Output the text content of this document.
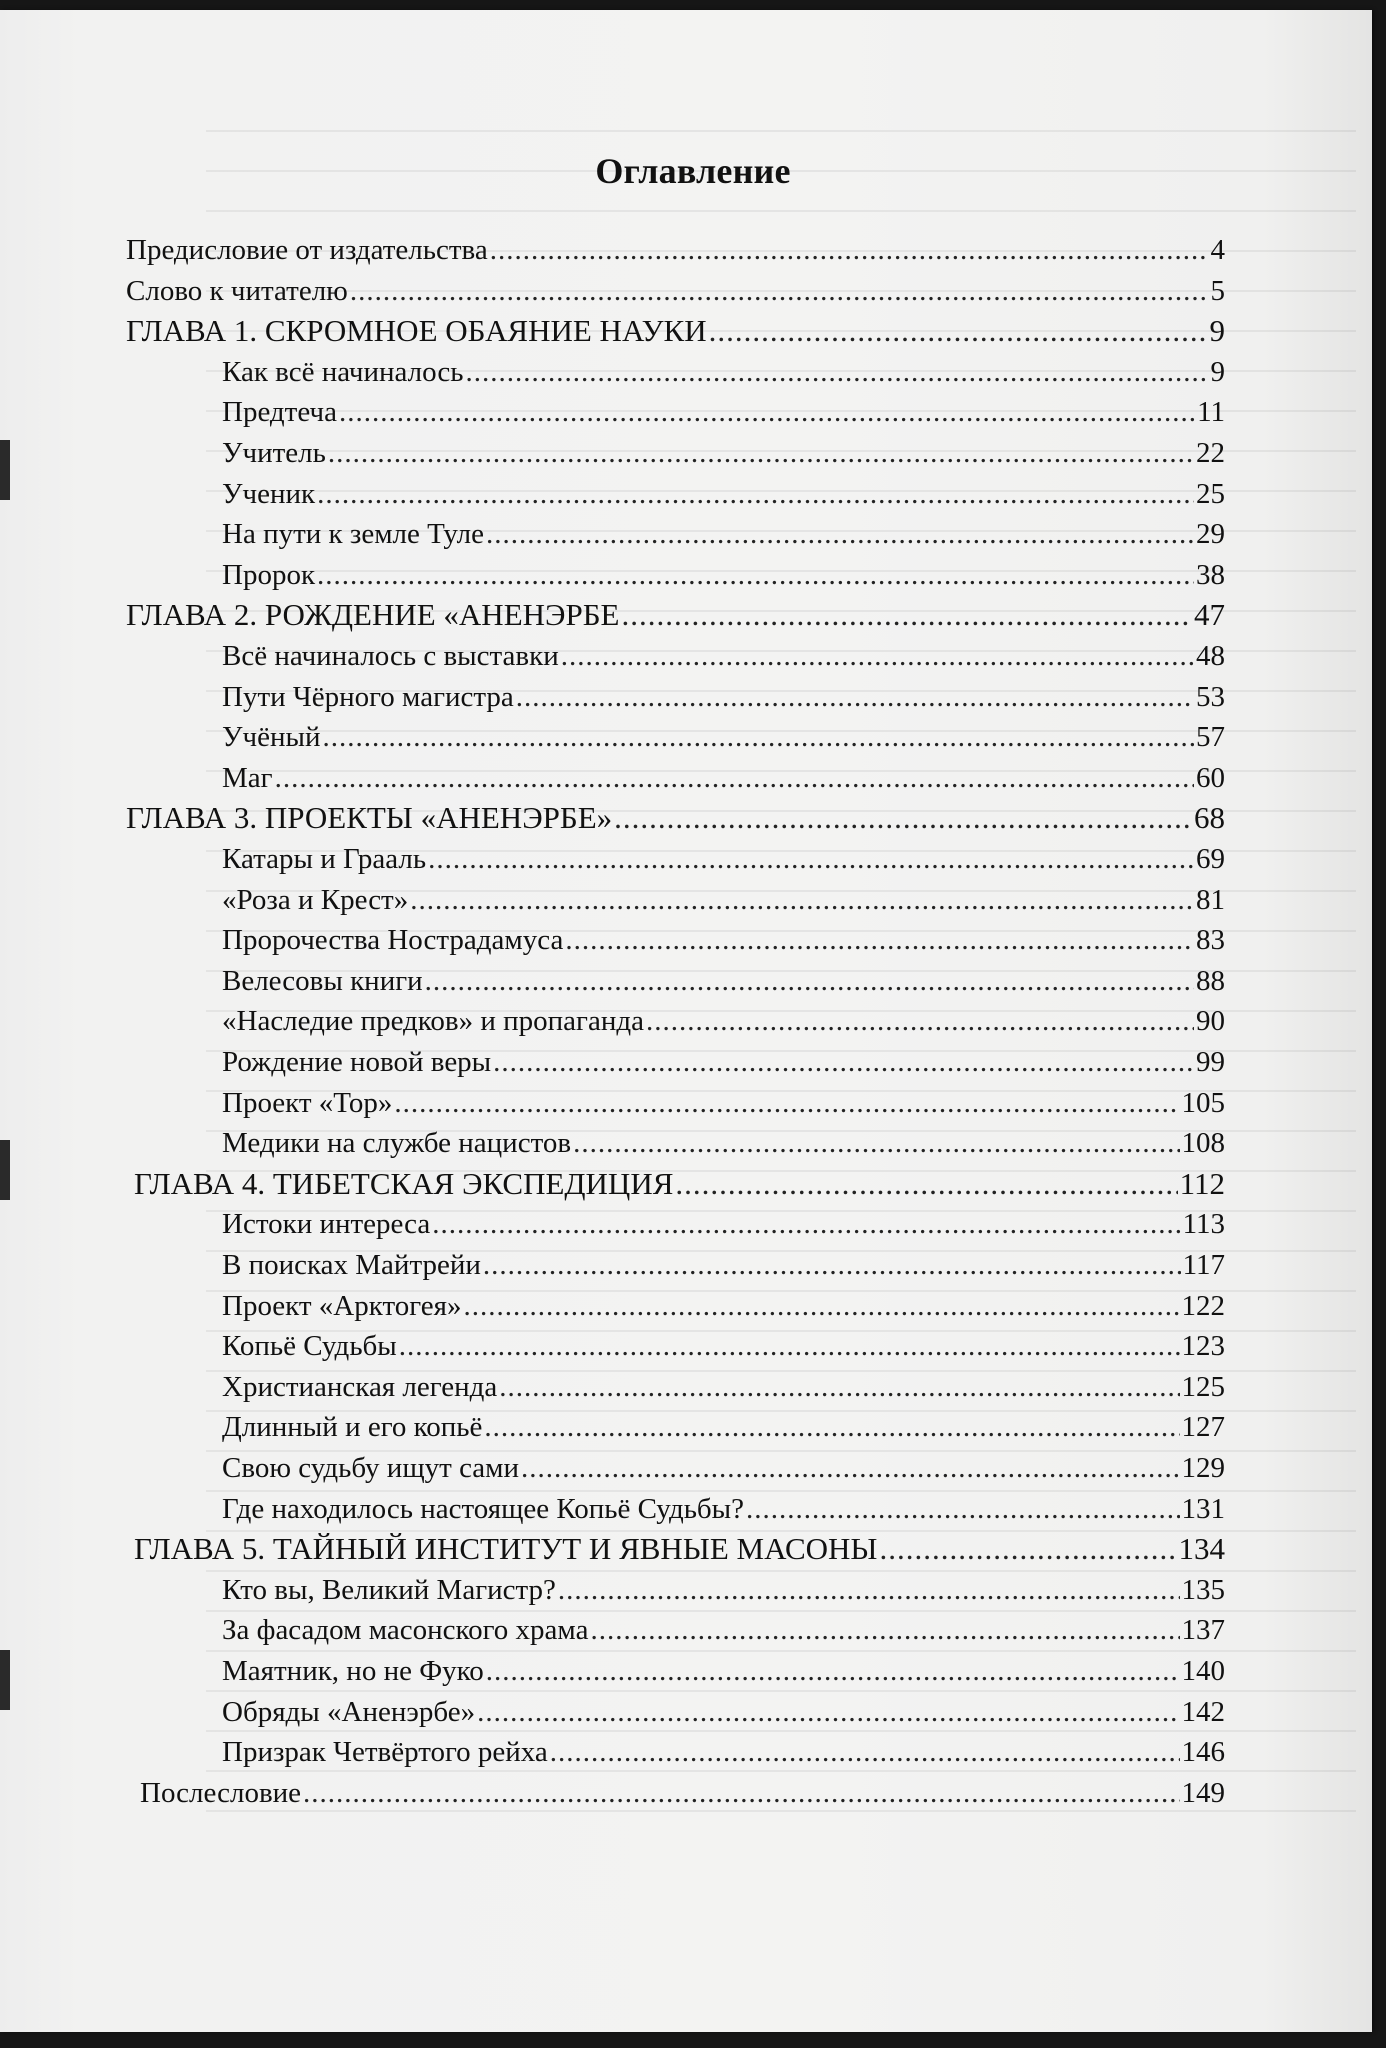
Оглавление
Предисловие от издательства .....	4
Слово к читателю .....	5
ГЛАВА 1. СКРОМНОЕ ОБАЯНИЕ НАУКИ .....	9
Как всё начиналось .....	9
Предтеча .....	11
Учитель .....	22
Ученик .....	25
На пути к земле Туле .....	29
Пророк .....	38
ГЛАВА 2. РОЖДЕНИЕ «АНЕНЭРБЕ .....	47
Всё начиналось с выставки .....	48
Пути Чёрного магистра .....	53
Учёный .....	57
Маг .....	60
ГЛАВА 3. ПРОЕКТЫ «АНЕНЭРБЕ» .....	68
Катары и Грааль .....	69
«Роза и Крест» .....	81
Пророчества Нострадамуса .....	83
Велесовы книги .....	88
«Наследие предков» и пропаганда .....	90
Рождение новой веры .....	99
Проект «Тор» .....	105
Медики на службе нацистов .....	108
ГЛАВА 4. ТИБЕТСКАЯ ЭКСПЕДИЦИЯ .....	112
Истоки интереса .....	113
В поисках Майтрейи .....	117
Проект «Арктогея» .....	122
Копьё Судьбы .....	123
Христианская легенда .....	125
Длинный и его копьё .....	127
Свою судьбу ищут сами .....	129
Где находилось настоящее Копьё Судьбы? .....	131
ГЛАВА 5. ТАЙНЫЙ ИНСТИТУТ И ЯВНЫЕ МАСОНЫ .....	134
Кто вы, Великий Магистр? .....	135
За фасадом масонского храма .....	137
Маятник, но не Фуко .....	140
Обряды «Аненэрбе» .....	142
Призрак Четвёртого рейха .....	146
Послесловие .....	149
